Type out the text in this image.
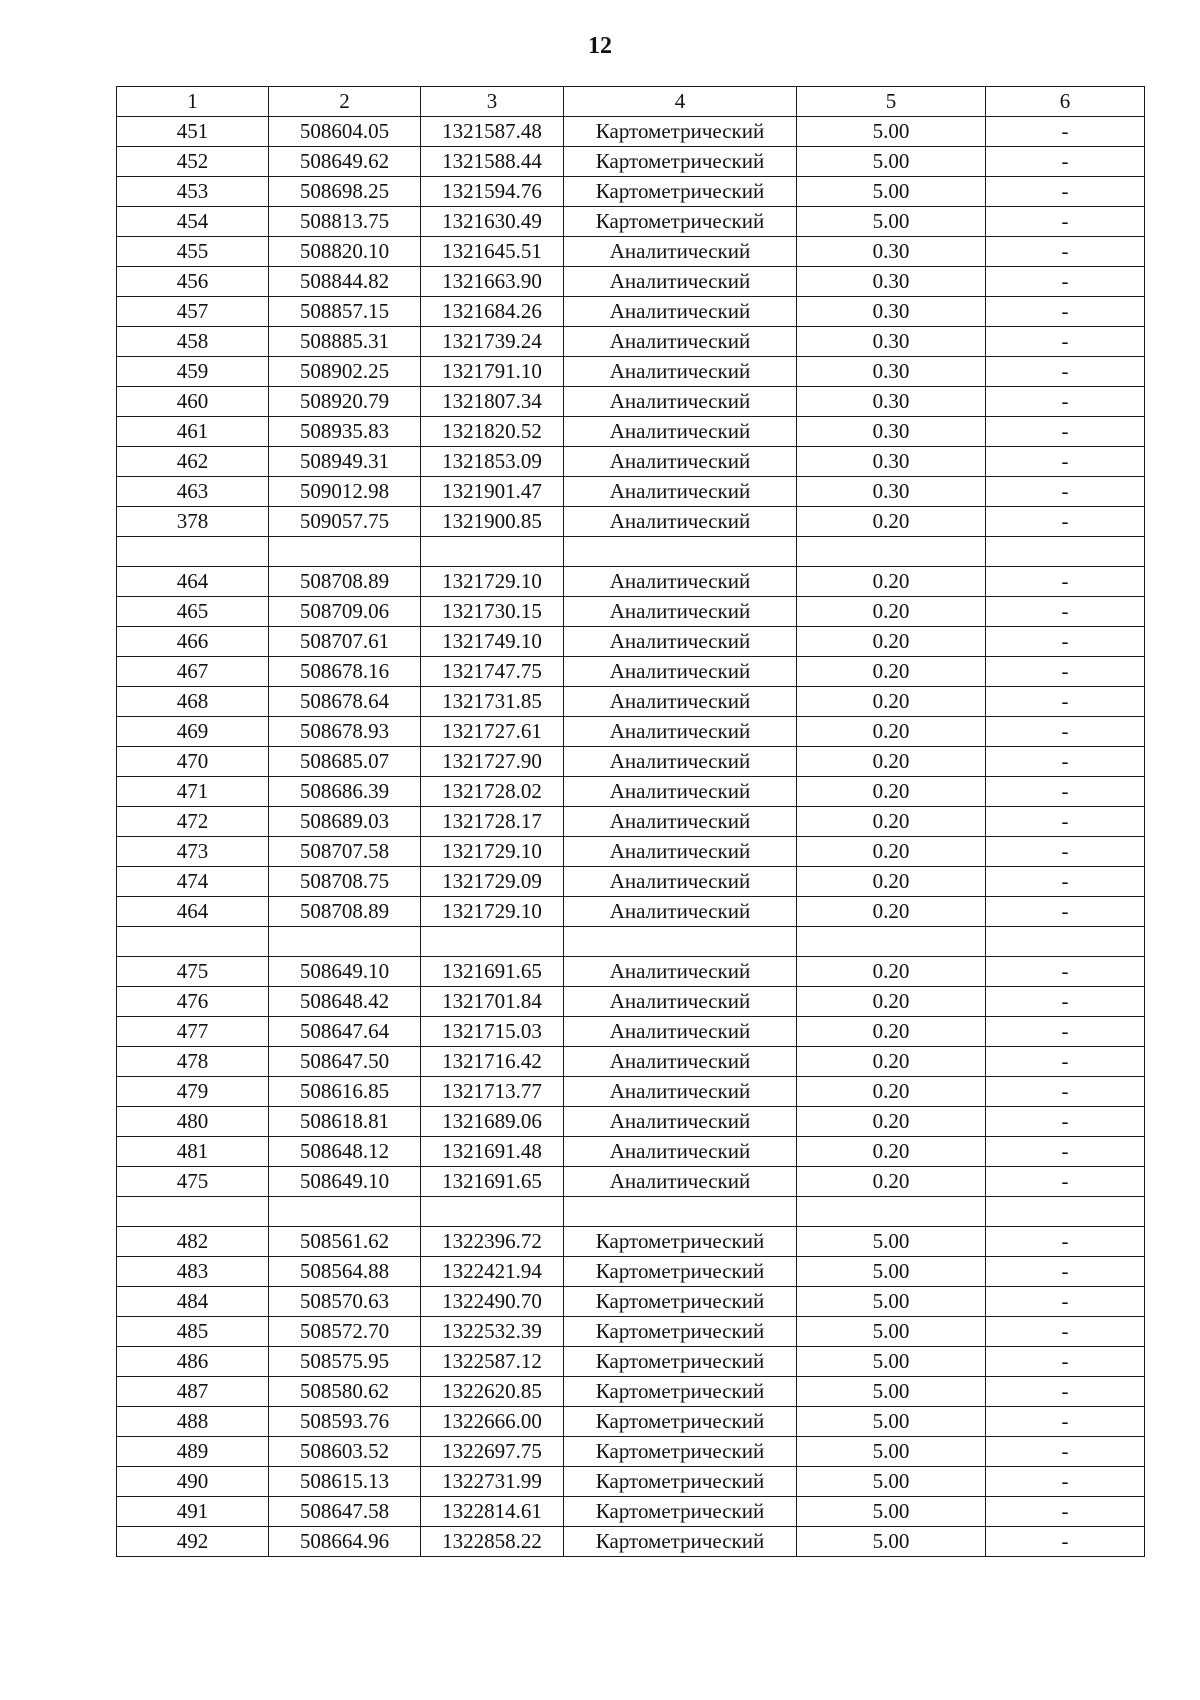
12
1	2	3	4	5	6
451	508604.05	1321587.48	Картометрический	5.00	-
452	508649.62	1321588.44	Картометрический	5.00	-
453	508698.25	1321594.76	Картометрический	5.00	-
454	508813.75	1321630.49	Картометрический	5.00	-
455	508820.10	1321645.51	Аналитический	0.30	-
456	508844.82	1321663.90	Аналитический	0.30	-
457	508857.15	1321684.26	Аналитический	0.30	-
458	508885.31	1321739.24	Аналитический	0.30	-
459	508902.25	1321791.10	Аналитический	0.30	-
460	508920.79	1321807.34	Аналитический	0.30	-
461	508935.83	1321820.52	Аналитический	0.30	-
462	508949.31	1321853.09	Аналитический	0.30	-
463	509012.98	1321901.47	Аналитический	0.30	-
378	509057.75	1321900.85	Аналитический	0.20	-

464	508708.89	1321729.10	Аналитический	0.20	-
465	508709.06	1321730.15	Аналитический	0.20	-
466	508707.61	1321749.10	Аналитический	0.20	-
467	508678.16	1321747.75	Аналитический	0.20	-
468	508678.64	1321731.85	Аналитический	0.20	-
469	508678.93	1321727.61	Аналитический	0.20	-
470	508685.07	1321727.90	Аналитический	0.20	-
471	508686.39	1321728.02	Аналитический	0.20	-
472	508689.03	1321728.17	Аналитический	0.20	-
473	508707.58	1321729.10	Аналитический	0.20	-
474	508708.75	1321729.09	Аналитический	0.20	-
464	508708.89	1321729.10	Аналитический	0.20	-

475	508649.10	1321691.65	Аналитический	0.20	-
476	508648.42	1321701.84	Аналитический	0.20	-
477	508647.64	1321715.03	Аналитический	0.20	-
478	508647.50	1321716.42	Аналитический	0.20	-
479	508616.85	1321713.77	Аналитический	0.20	-
480	508618.81	1321689.06	Аналитический	0.20	-
481	508648.12	1321691.48	Аналитический	0.20	-
475	508649.10	1321691.65	Аналитический	0.20	-

482	508561.62	1322396.72	Картометрический	5.00	-
483	508564.88	1322421.94	Картометрический	5.00	-
484	508570.63	1322490.70	Картометрический	5.00	-
485	508572.70	1322532.39	Картометрический	5.00	-
486	508575.95	1322587.12	Картометрический	5.00	-
487	508580.62	1322620.85	Картометрический	5.00	-
488	508593.76	1322666.00	Картометрический	5.00	-
489	508603.52	1322697.75	Картометрический	5.00	-
490	508615.13	1322731.99	Картометрический	5.00	-
491	508647.58	1322814.61	Картометрический	5.00	-
492	508664.96	1322858.22	Картометрический	5.00	-
